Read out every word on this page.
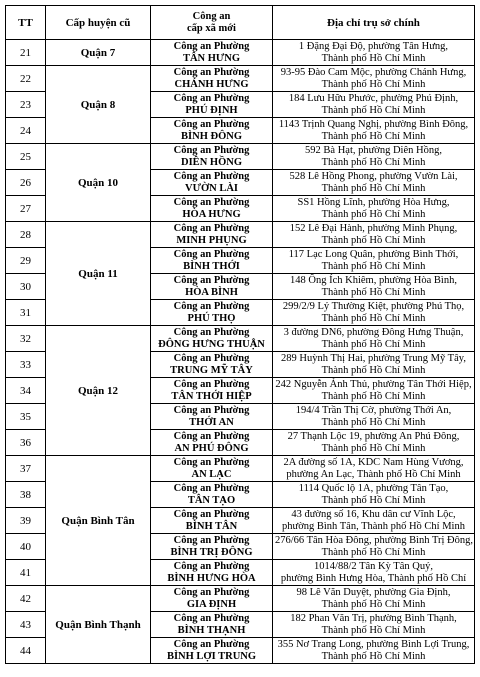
TT	Cấp huyện cũ	Công an
cấp xã mới	Địa chỉ trụ sở chính
21	Quận 7	Công an Phường
TÂN HƯNG	1 Đặng Đại Độ, phường Tân Hưng,
Thành phố Hồ Chí Minh

22	Quận 8	Công an Phường
CHÁNH HƯNG	93-95 Đào Cam Mộc, phường Chánh Hưng,
Thành phố Hồ Chí Minh

23		Công an Phường
PHÚ ĐỊNH	184 Lưu Hữu Phước, phường Phú Định,
Thành phố Hồ Chí Minh

24		Công an Phường
BÌNH ĐÔNG	1143 Trịnh Quang Nghị, phường Bình Đông,
Thành phố Hồ Chí Minh

25	Quận 10	Công an Phường
DIÊN HỒNG	592 Bà Hạt, phường Diên Hồng,
Thành phố Hồ Chí Minh

26		Công an Phường
VƯỜN LÀI	528 Lê Hồng Phong, phường Vườn Lài,
Thành phố Hồ Chí Minh

27		Công an Phường
HÒA HƯNG	SS1 Hồng Lĩnh, phường Hòa Hưng,
Thành phố Hồ Chí Minh

28	Quận 11	Công an Phường
MINH PHỤNG	152 Lê Đại Hành, phường Minh Phụng,
Thành phố Hồ Chí Minh

29		Công an Phường
BÌNH THỚI	117 Lạc Long Quân, phường Bình Thới,
Thành phố Hồ Chí Minh

30		Công an Phường
HÒA BÌNH	148 Ông Ích Khiêm, phường Hòa Bình,
Thành phố Hồ Chí Minh

31		Công an Phường
PHÚ THỌ	299/2/9 Lý Thường Kiệt, phường Phú Thọ,
Thành phố Hồ Chí Minh

32	Quận 12	Công an Phường
ĐÔNG HƯNG THUẬN	3 đường DN6, phường Đông Hưng Thuận,
Thành phố Hồ Chí Minh

33		Công an Phường
TRUNG MỸ TÂY	289 Huỳnh Thị Hai, phường Trung Mỹ Tây,
Thành phố Hồ Chí Minh

34		Công an Phường
TÂN THỚI HIỆP	242 Nguyễn Ảnh Thủ, phường Tân Thới Hiệp,
Thành phố Hồ Chí Minh

35		Công an Phường
THỚI AN	194/4 Trần Thị Cờ, phường Thới An,
Thành phố Hồ Chí Minh

36		Công an Phường
AN PHÚ ĐÔNG	27 Thạnh Lộc 19, phường An Phú Đông,
Thành phố Hồ Chí Minh

37	Quận Bình Tân	Công an Phường
AN LẠC	2A đường số 1A, KDC Nam Hùng Vương,
phường An Lạc, Thành phố Hồ Chí Minh

38		Công an Phường
TÂN TẠO	1114 Quốc lộ 1A, phường Tân Tạo,
Thành phố Hồ Chí Minh

39		Công an Phường
BÌNH TÂN	43 đường số 16, Khu dân cư Vĩnh Lộc,
phường Bình Tân, Thành phố Hồ Chí Minh

40		Công an Phường
BÌNH TRỊ ĐÔNG	276/66 Tân Hòa Đông, phường Bình Trị Đông,
Thành phố Hồ Chí Minh

41		Công an Phường
BÌNH HƯNG HÒA	1014/88/2 Tân Kỳ Tân Quý,
phường Bình Hưng Hòa, Thành phố Hồ Chí

42	Quận Bình Thạnh	Công an Phường
GIA ĐỊNH	98 Lê Văn Duyệt, phường Gia Định,
Thành phố Hồ Chí Minh

43		Công an Phường
BÌNH THẠNH	182 Phan Văn Trị, phường Bình Thạnh,
Thành phố Hồ Chí Minh

44		Công an Phường
BÌNH LỢI TRUNG	355 Nơ Trang Long, phường Bình Lợi Trung,
Thành phố Hồ Chí Minh
